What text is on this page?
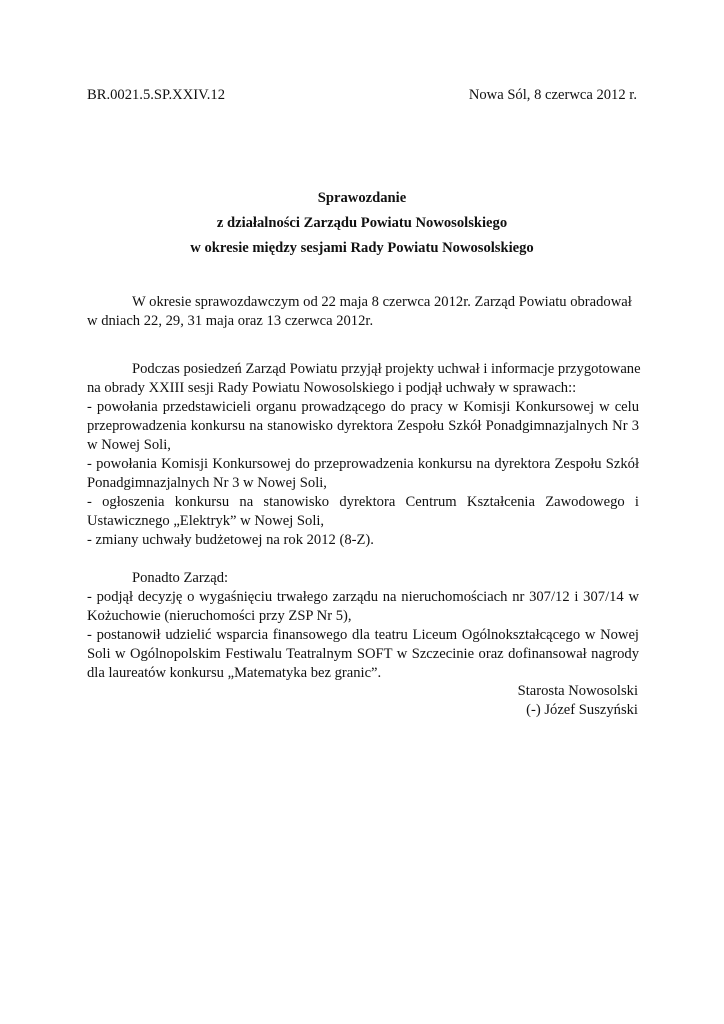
BR.0021.5.SP.XXIV.12	Nowa Sól, 8 czerwca 2012 r.
Sprawozdanie
z działalności Zarządu Powiatu Nowosolskiego
w okresie między sesjami Rady Powiatu Nowosolskiego
W okresie sprawozdawczym od 22 maja 8 czerwca 2012r. Zarząd Powiatu obradował
w dniach 22, 29, 31 maja oraz 13 czerwca 2012r.
Podczas posiedzeń Zarząd Powiatu przyjął projekty uchwał i informacje przygotowane
na obrady XXIII sesji Rady Powiatu Nowosolskiego i podjął uchwały w sprawach::
- powołania przedstawicieli organu prowadzącego do pracy w Komisji Konkursowej w celu przeprowadzenia konkursu na stanowisko dyrektora Zespołu Szkół Ponadgimnazjalnych Nr 3 w Nowej Soli,
- powołania Komisji Konkursowej do przeprowadzenia konkursu na dyrektora Zespołu Szkół Ponadgimnazjalnych Nr 3 w Nowej Soli,
- ogłoszenia konkursu na stanowisko dyrektora Centrum Kształcenia Zawodowego i Ustawicznego „Elektryk” w Nowej Soli,
- zmiany uchwały budżetowej na rok 2012 (8-Z).
Ponadto Zarząd:
- podjął decyzję o wygaśnięciu trwałego zarządu na nieruchomościach nr 307/12 i 307/14 w Kożuchowie (nieruchomości przy ZSP Nr 5),
- postanowił udzielić wsparcia finansowego dla teatru Liceum Ogólnokształcącego w Nowej Soli w Ogólnopolskim Festiwalu Teatralnym SOFT w Szczecinie oraz dofinansował nagrody dla laureatów konkursu „Matematyka bez granic”.
Starosta Nowosolski
(-) Józef Suszyński
